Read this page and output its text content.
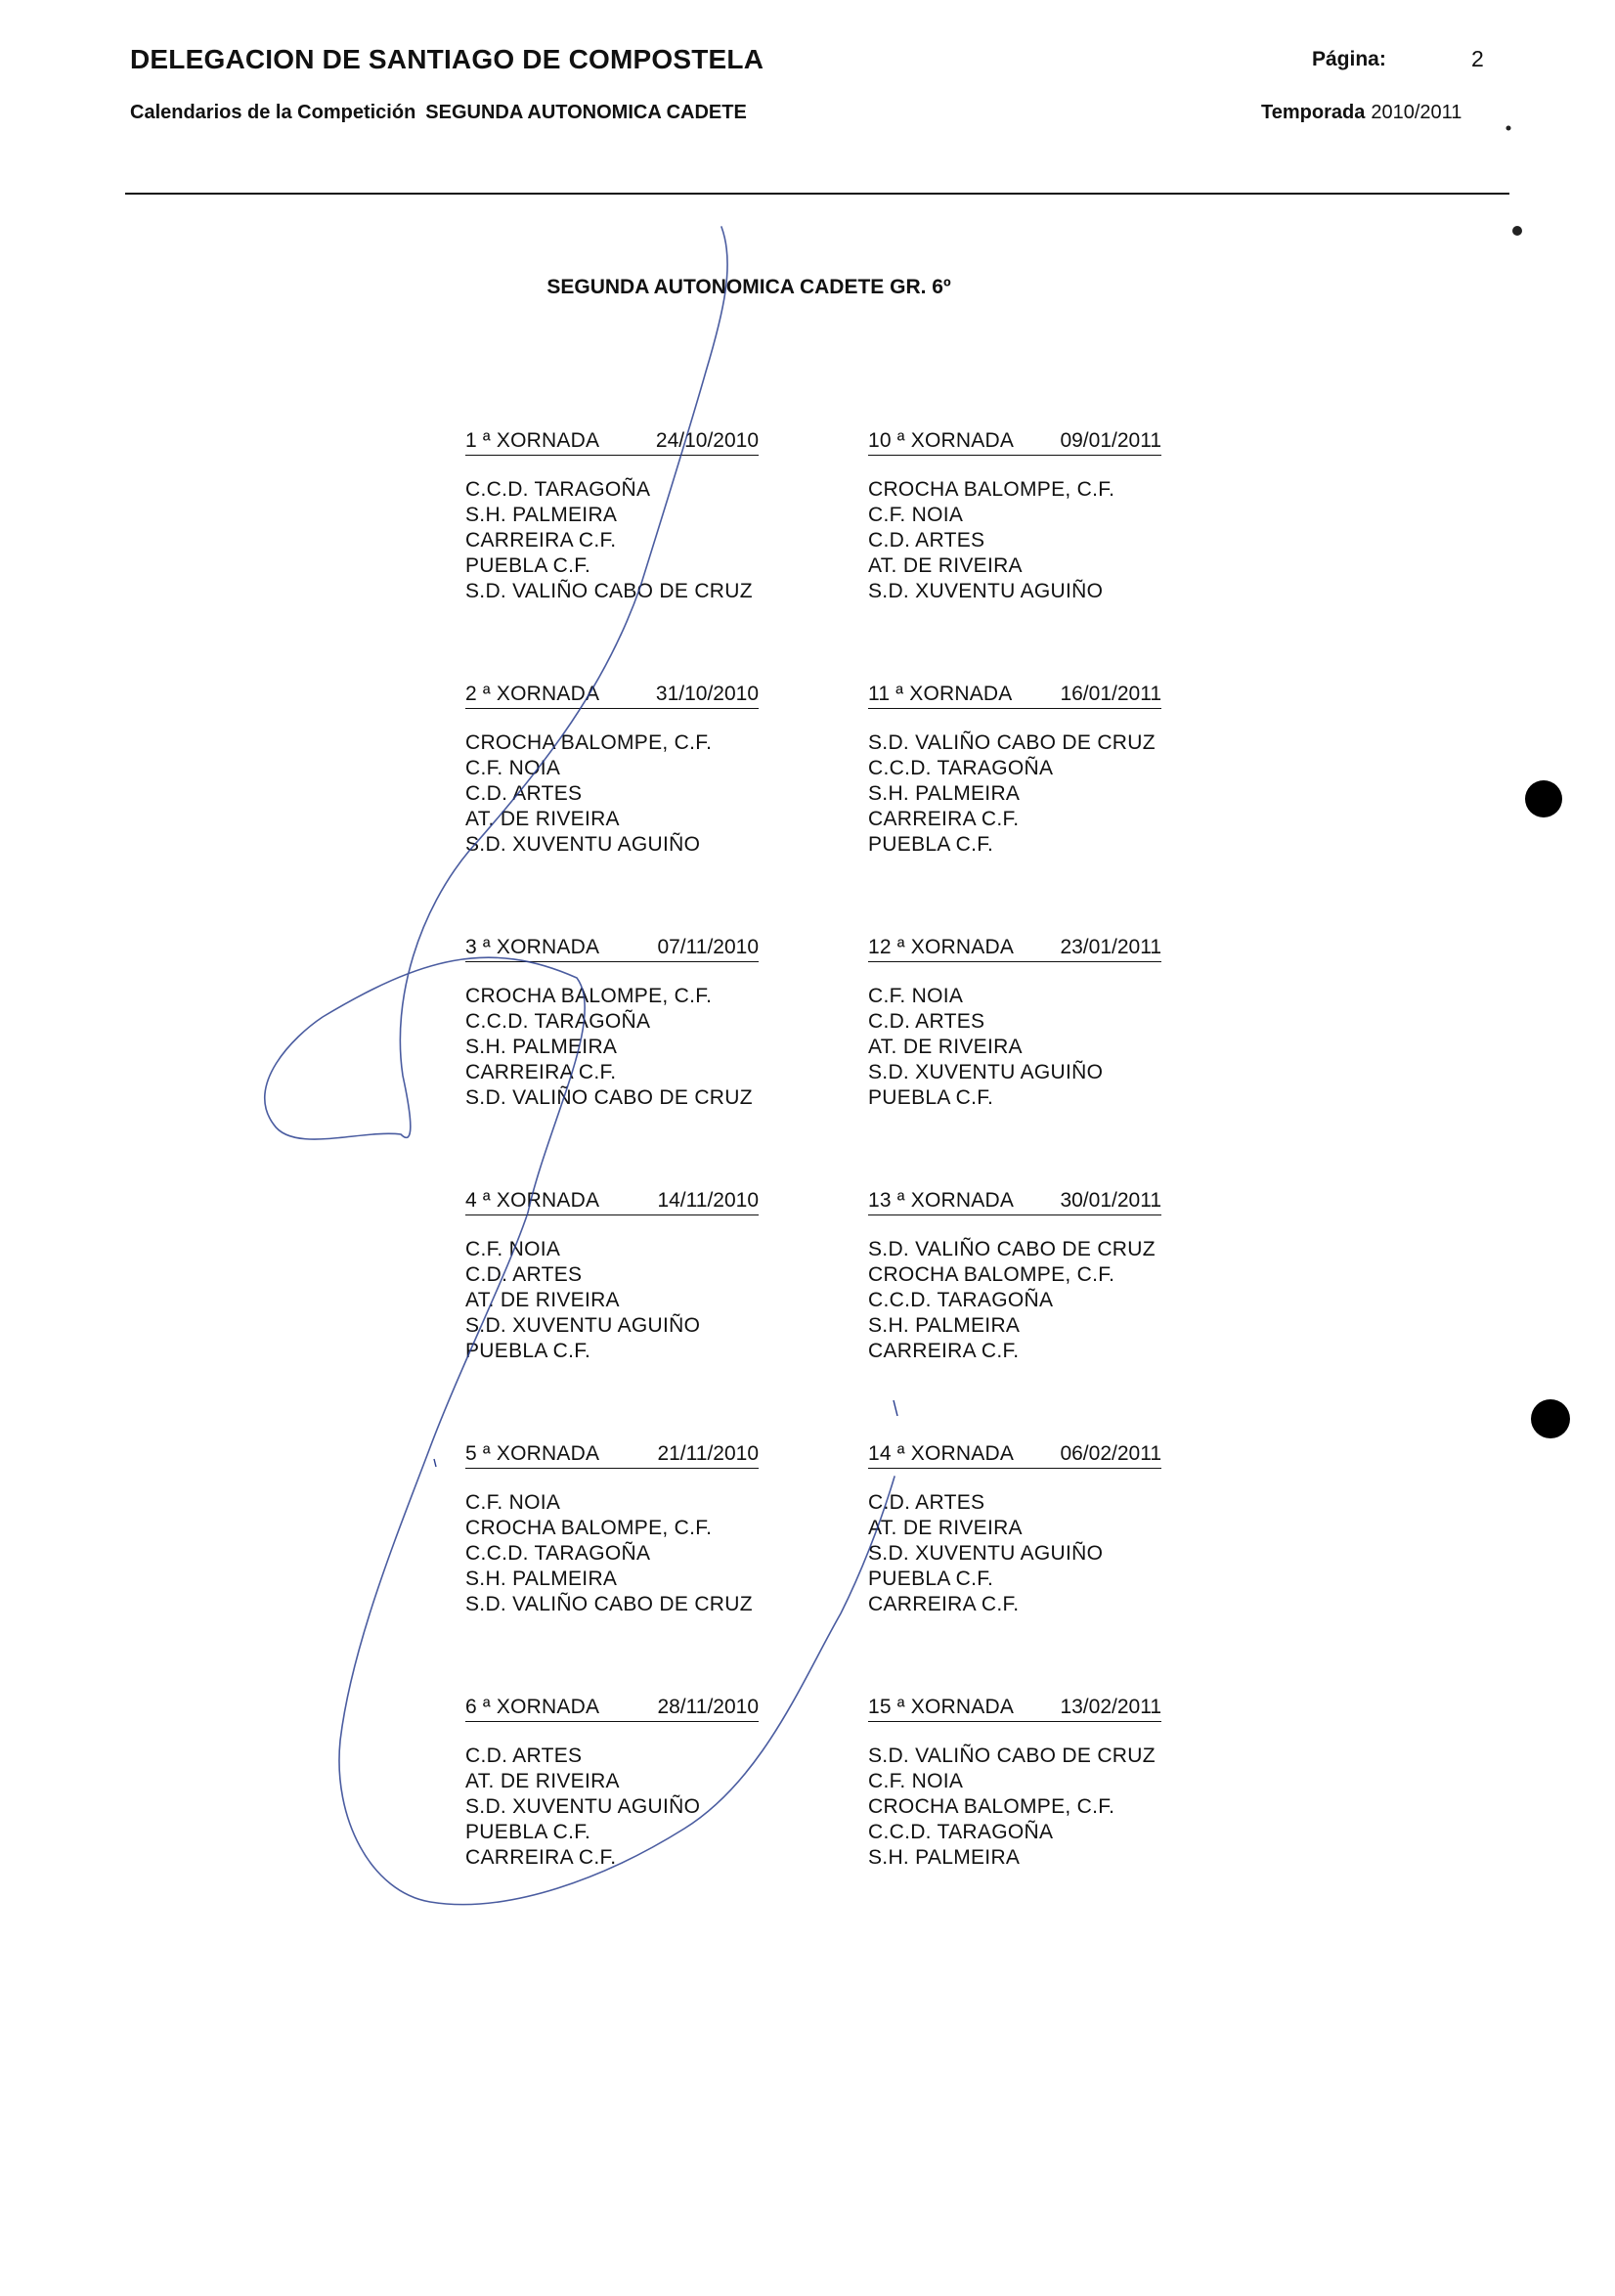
DELEGACION DE SANTIAGO DE COMPOSTELA	Página:	2
Calendarios de la Competición SEGUNDA AUTONOMICA CADETE	Temporada 2010/2011
SEGUNDA AUTONOMICA CADETE GR. 6º
1 ª XORNADA	24/10/2010
C.C.D. TARAGOÑA
S.H. PALMEIRA
CARREIRA C.F.
PUEBLA C.F.
S.D. VALIÑO CABO DE CRUZ
10 ª XORNADA 09/01/2011
CROCHA BALOMPE, C.F.
C.F. NOIA
C.D. ARTES
AT. DE RIVEIRA
S.D. XUVENTU AGUIÑO
2 ª XORNADA	31/10/2010
CROCHA BALOMPE, C.F.
C.F. NOIA
C.D. ARTES
AT. DE RIVEIRA
S.D. XUVENTU AGUIÑO
11 ª XORNADA 16/01/2011
S.D. VALIÑO CABO DE CRUZ
C.C.D. TARAGOÑA
S.H. PALMEIRA
CARREIRA C.F.
PUEBLA C.F.
3 ª XORNADA	07/11/2010
CROCHA BALOMPE, C.F.
C.C.D. TARAGOÑA
S.H. PALMEIRA
CARREIRA C.F.
S.D. VALIÑO CABO DE CRUZ
12 ª XORNADA 23/01/2011
C.F. NOIA
C.D. ARTES
AT. DE RIVEIRA
S.D. XUVENTU AGUIÑO
PUEBLA C.F.
4 ª XORNADA	14/11/2010
C.F. NOIA
C.D. ARTES
AT. DE RIVEIRA
S.D. XUVENTU AGUIÑO
PUEBLA C.F.
13 ª XORNADA 30/01/2011
S.D. VALIÑO CABO DE CRUZ
CROCHA BALOMPE, C.F.
C.C.D. TARAGOÑA
S.H. PALMEIRA
CARREIRA C.F.
5 ª XORNADA	21/11/2010
C.F. NOIA
CROCHA BALOMPE, C.F.
C.C.D. TARAGOÑA
S.H. PALMEIRA
S.D. VALIÑO CABO DE CRUZ
14 ª XORNADA 06/02/2011
C.D. ARTES
AT. DE RIVEIRA
S.D. XUVENTU AGUIÑO
PUEBLA C.F.
CARREIRA C.F.
6 ª XORNADA	28/11/2010
C.D. ARTES
AT. DE RIVEIRA
S.D. XUVENTU AGUIÑO
PUEBLA C.F.
CARREIRA C.F.
15 ª XORNADA 13/02/2011
S.D. VALIÑO CABO DE CRUZ
C.F. NOIA
CROCHA BALOMPE, C.F.
C.C.D. TARAGOÑA
S.H. PALMEIRA
